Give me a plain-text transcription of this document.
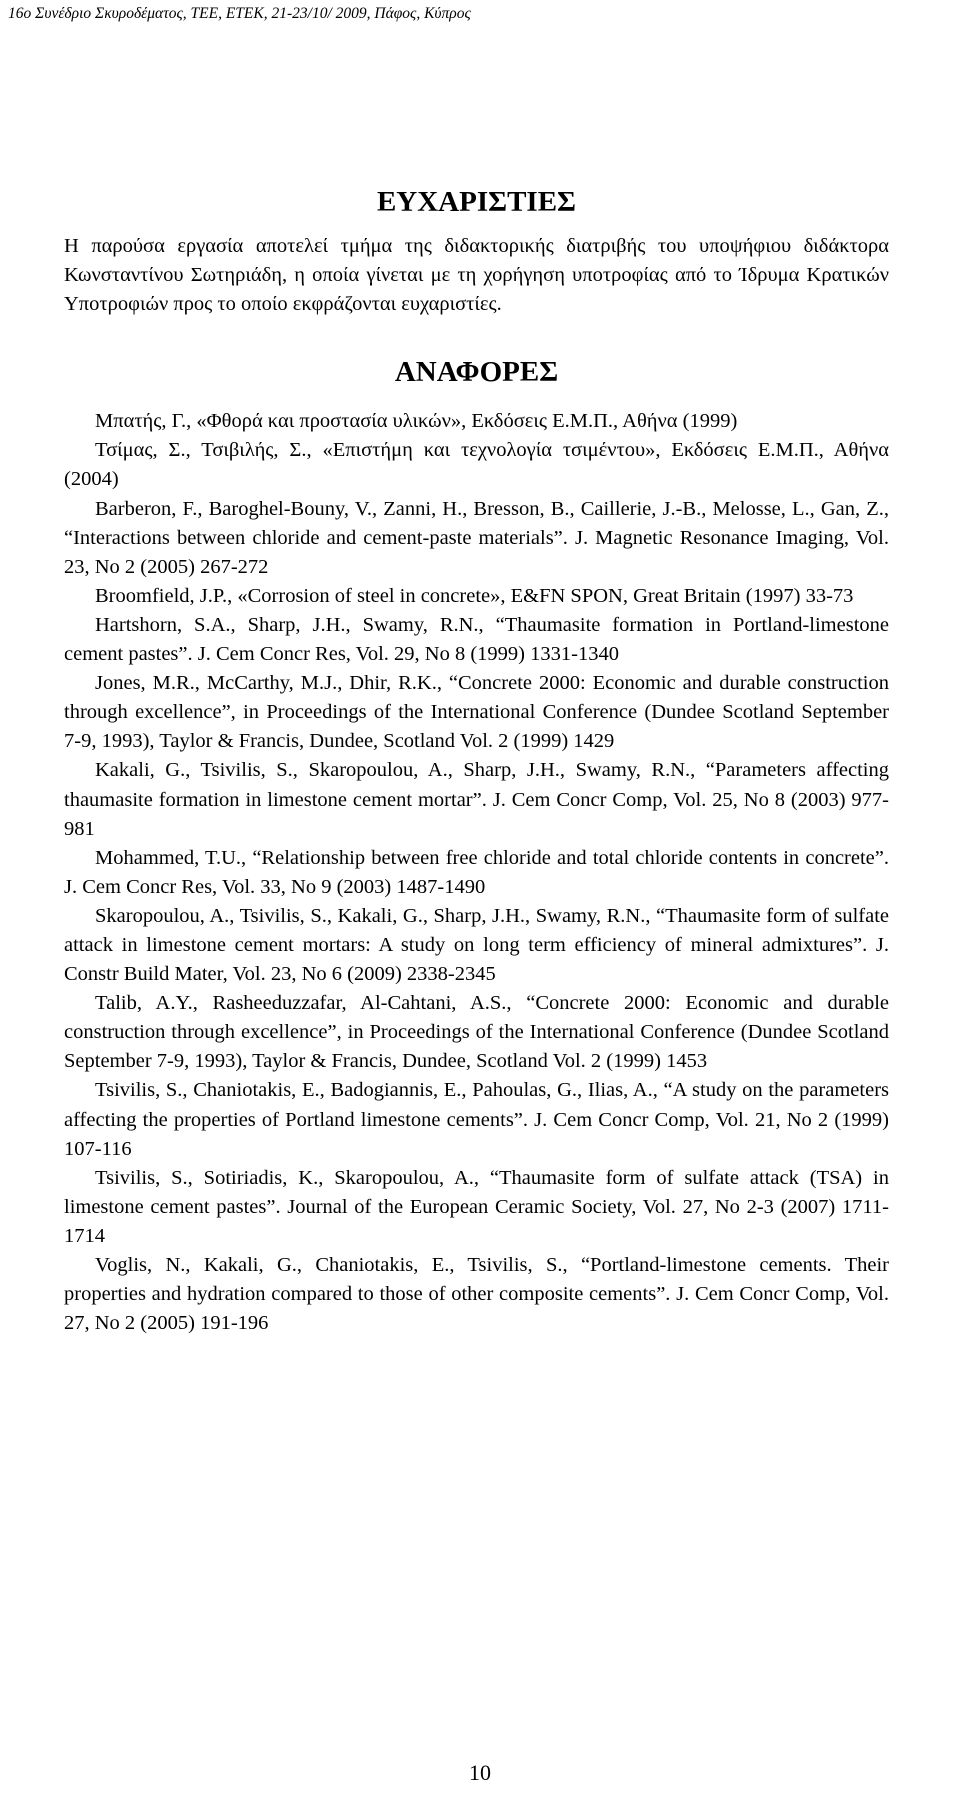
16ο Συνέδριο Σκυροδέματος, ΤΕΕ, ΕΤΕΚ, 21-23/10/ 2009, Πάφος, Κύπρος
ΕΥΧΑΡΙΣΤΙΕΣ

Η παρούσα εργασία αποτελεί τμήμα της διδακτορικής διατριβής του υποψήφιου διδάκτορα Κωνσταντίνου Σωτηριάδη, η οποία γίνεται με τη χορήγηση υποτροφίας από το Ίδρυμα Κρατικών Υποτροφιών προς το οποίο εκφράζονται ευχαριστίες.

ΑΝΑΦΟΡΕΣ
Μπατής, Γ., «Φθορά και προστασία υλικών», Εκδόσεις Ε.Μ.Π., Αθήνα (1999)
Τσίμας, Σ., Τσιβιλής, Σ., «Επιστήμη και τεχνολογία τσιμέντου», Εκδόσεις Ε.Μ.Π., Αθήνα (2004)
Barberon, F., Baroghel-Bouny, V., Zanni, H., Bresson, B., Caillerie, J.-B., Melosse, L., Gan, Z., “Interactions between chloride and cement-paste materials”. J. Magnetic Resonance Imaging, Vol. 23, No 2 (2005) 267-272
Broomfield, J.P., «Corrosion of steel in concrete», E&FN SPON, Great Britain (1997) 33-73
Hartshorn, S.A., Sharp, J.H., Swamy, R.N., “Thaumasite formation in Portland-limestone cement pastes”. J. Cem Concr Res, Vol. 29, No 8 (1999) 1331-1340
Jones, M.R., McCarthy, M.J., Dhir, R.K., “Concrete 2000: Economic and durable construction through excellence”, in Proceedings of the International Conference (Dundee Scotland September 7-9, 1993), Taylor & Francis, Dundee, Scotland Vol. 2 (1999) 1429
Kakali, G., Tsivilis, S., Skaropoulou, A., Sharp, J.H., Swamy, R.N., “Parameters affecting thaumasite formation in limestone cement mortar”. J. Cem Concr Comp, Vol. 25, No 8 (2003) 977-981
Mohammed, T.U., “Relationship between free chloride and total chloride contents in concrete”. J. Cem Concr Res, Vol. 33, No 9 (2003) 1487-1490
Skaropoulou, A., Tsivilis, S., Kakali, G., Sharp, J.H., Swamy, R.N., “Thaumasite form of sulfate attack in limestone cement mortars: A study on long term efficiency of mineral admixtures”. J. Constr Build Mater, Vol. 23, No 6 (2009) 2338-2345
Talib, A.Y., Rasheeduzzafar, Al-Cahtani, A.S., “Concrete 2000: Economic and durable construction through excellence”, in Proceedings of the International Conference (Dundee Scotland September 7-9, 1993), Taylor & Francis, Dundee, Scotland Vol. 2 (1999) 1453
Tsivilis, S., Chaniotakis, E., Badogiannis, E., Pahoulas, G., Ilias, A., “A study on the parameters affecting the properties of Portland limestone cements”. J. Cem Concr Comp, Vol. 21, No 2 (1999) 107-116
Tsivilis, S., Sotiriadis, K., Skaropoulou, A., “Thaumasite form of sulfate attack (TSA) in limestone cement pastes”. Journal of the European Ceramic Society, Vol. 27, No 2-3 (2007) 1711-1714
Voglis, N., Kakali, G., Chaniotakis, E., Tsivilis, S., “Portland-limestone cements. Their properties and hydration compared to those of other composite cements”. J. Cem Concr Comp, Vol. 27, No 2 (2005) 191-196
10
